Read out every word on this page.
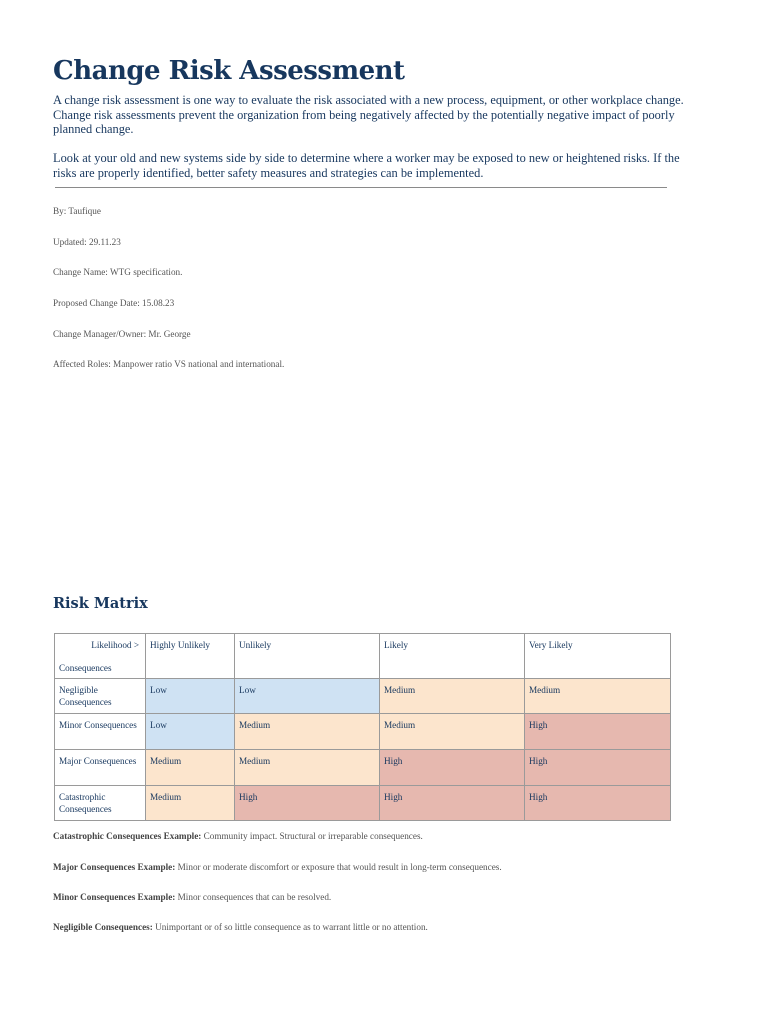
Change Risk Assessment

A change risk assessment is one way to evaluate the risk associated with a new process, equipment, or other workplace change. Change risk assessments prevent the organization from being negatively affected by the potentially negative impact of poorly planned change.

Look at your old and new systems side by side to determine where a worker may be exposed to new or heightened risks. If the risks are properly identified, better safety measures and strategies can be implemented.

By: Taufique

Updated: 29.11.23

Change Name: WTG specification.

Proposed Change Date: 15.08.23

Change Manager/Owner: Mr. George

Affected Roles: Manpower ratio VS national and international.

Risk Matrix
Likelihood >
Consequences	Highly Unlikely	Unlikely	Likely	Very Likely
Negligible Consequences	Low	Low	Medium	Medium
Minor Consequences	Low	Medium	Medium	High
Major Consequences	Medium	Medium	High	High
Catastrophic Consequences	Medium	High	High	High

Catastrophic Consequences Example: Community impact. Structural or irreparable consequences.

Major Consequences Example: Minor or moderate discomfort or exposure that would result in long-term consequences.

Minor Consequences Example: Minor consequences that can be resolved.

Negligible Consequences: Unimportant or of so little consequence as to warrant little or no attention.
